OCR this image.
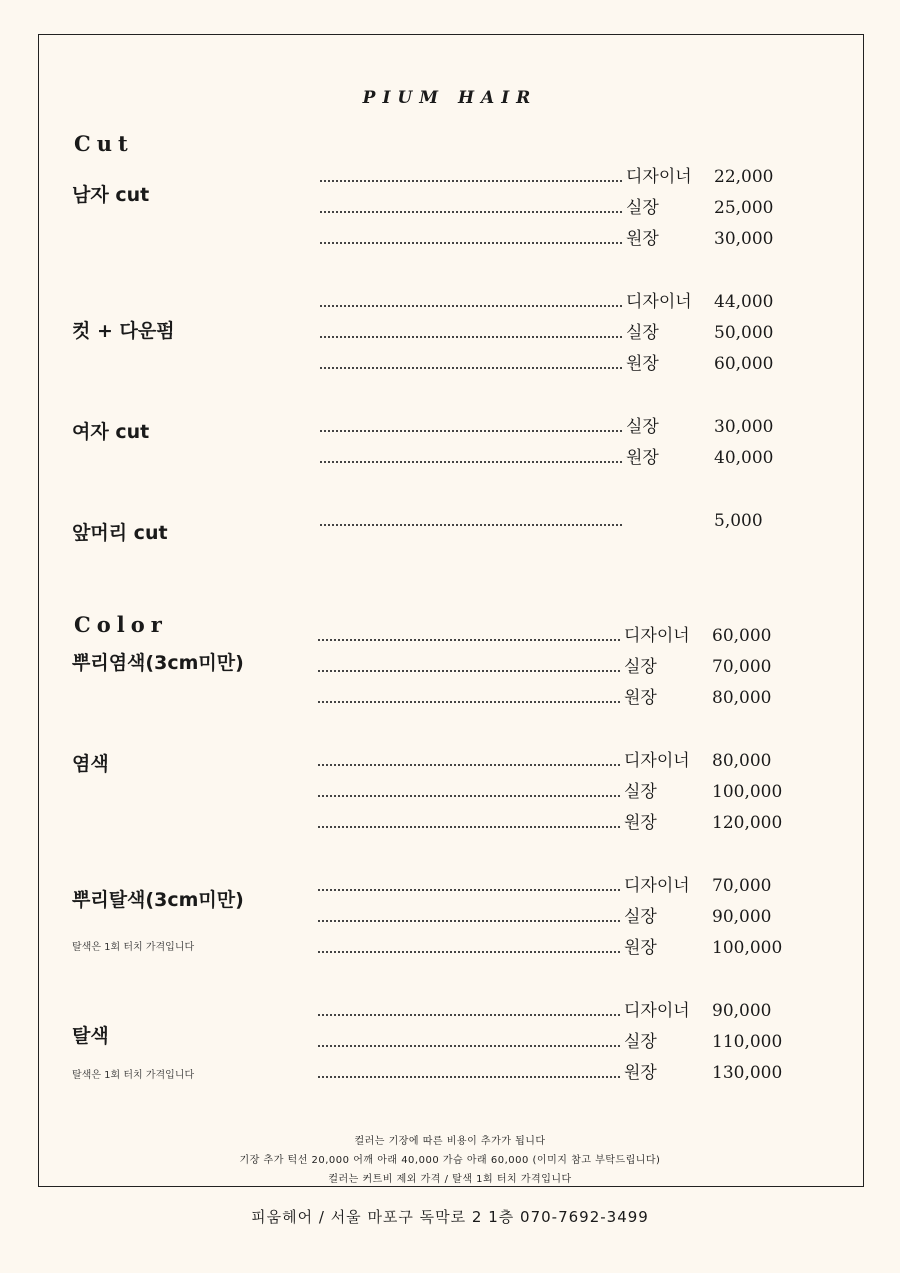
PIUM HAIR
Cut
Color
남자 cut
디자이너	22,000
실장	25,000
원장	30,000
컷 + 다운펌
디자이너	44,000
실장	50,000
원장	60,000
여자 cut	실장	30,000
원장	40,000
앞머리 cut
5,000
뿌리염색(3cm미만)
디자이너	60,000
실장	70,000
원장	80,000
염색	디자이너	80,000
실장	100,000
원장	120,000
뿌리탈색(3cm미만)
탈색은 1회 터치 가격입니다
디자이너	70,000
실장	90,000
원장	100,000
탈색
탈색은 1회 터치 가격입니다
디자이너	90,000
실장	110,000
원장	130,000
컬러는 기장에 따른 비용이 추가가 됩니다
기장 추가 턱선 20,000 어깨 아래 40,000 가슴 아래 60,000 (이미지 참고 부탁드립니다)
컬러는 커트비 제외 가격 / 탈색 1회 터치 가격입니다
피움헤어 / 서울 마포구 독막로 2 1층 070-7692-3499
